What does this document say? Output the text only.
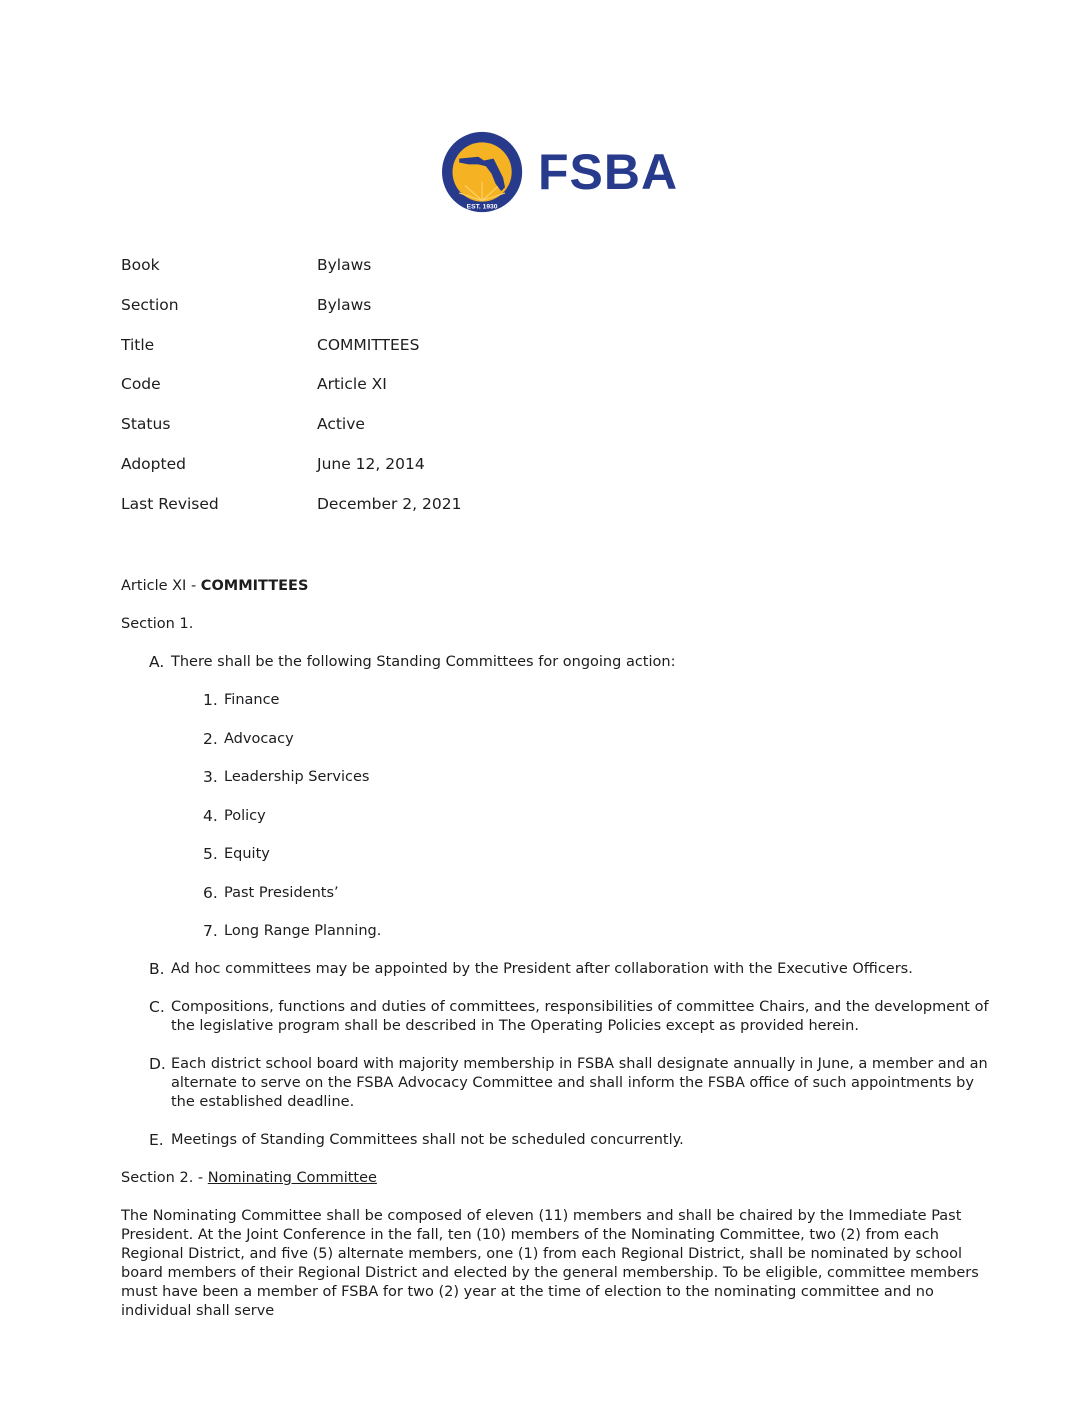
EST. 1930
FSBA
Book	Bylaws
Section	Bylaws
Title	COMMITTEES
Code	Article XI
Status	Active
Adopted	June 12, 2014
Last Revised	December 2, 2021

Article XI - COMMITTEES

Section 1.

A. There shall be the following Standing Committees for ongoing action:
1. Finance
2. Advocacy
3. Leadership Services
4. Policy
5. Equity
6. Past Presidents’
7. Long Range Planning.
B. Ad hoc committees may be appointed by the President after collaboration with the Executive Officers.
C. Compositions, functions and duties of committees, responsibilities of committee Chairs, and the development of the legislative program shall be described in The Operating Policies except as provided herein.
D. Each district school board with majority membership in FSBA shall designate annually in June, a member and an alternate to serve on the FSBA Advocacy Committee and shall inform the FSBA office of such appointments by the established deadline.
E. Meetings of Standing Committees shall not be scheduled concurrently.

Section 2. - Nominating Committee

The Nominating Committee shall be composed of eleven (11) members and shall be chaired by the Immediate Past President. At the Joint Conference in the fall, ten (10) members of the Nominating Committee, two (2) from each Regional District, and five (5) alternate members, one (1) from each Regional District, shall be nominated by school board members of their Regional District and elected by the general membership. To be eligible, committee members must have been a member of FSBA for two (2) year at the time of election to the nominating committee and no individual shall serve
